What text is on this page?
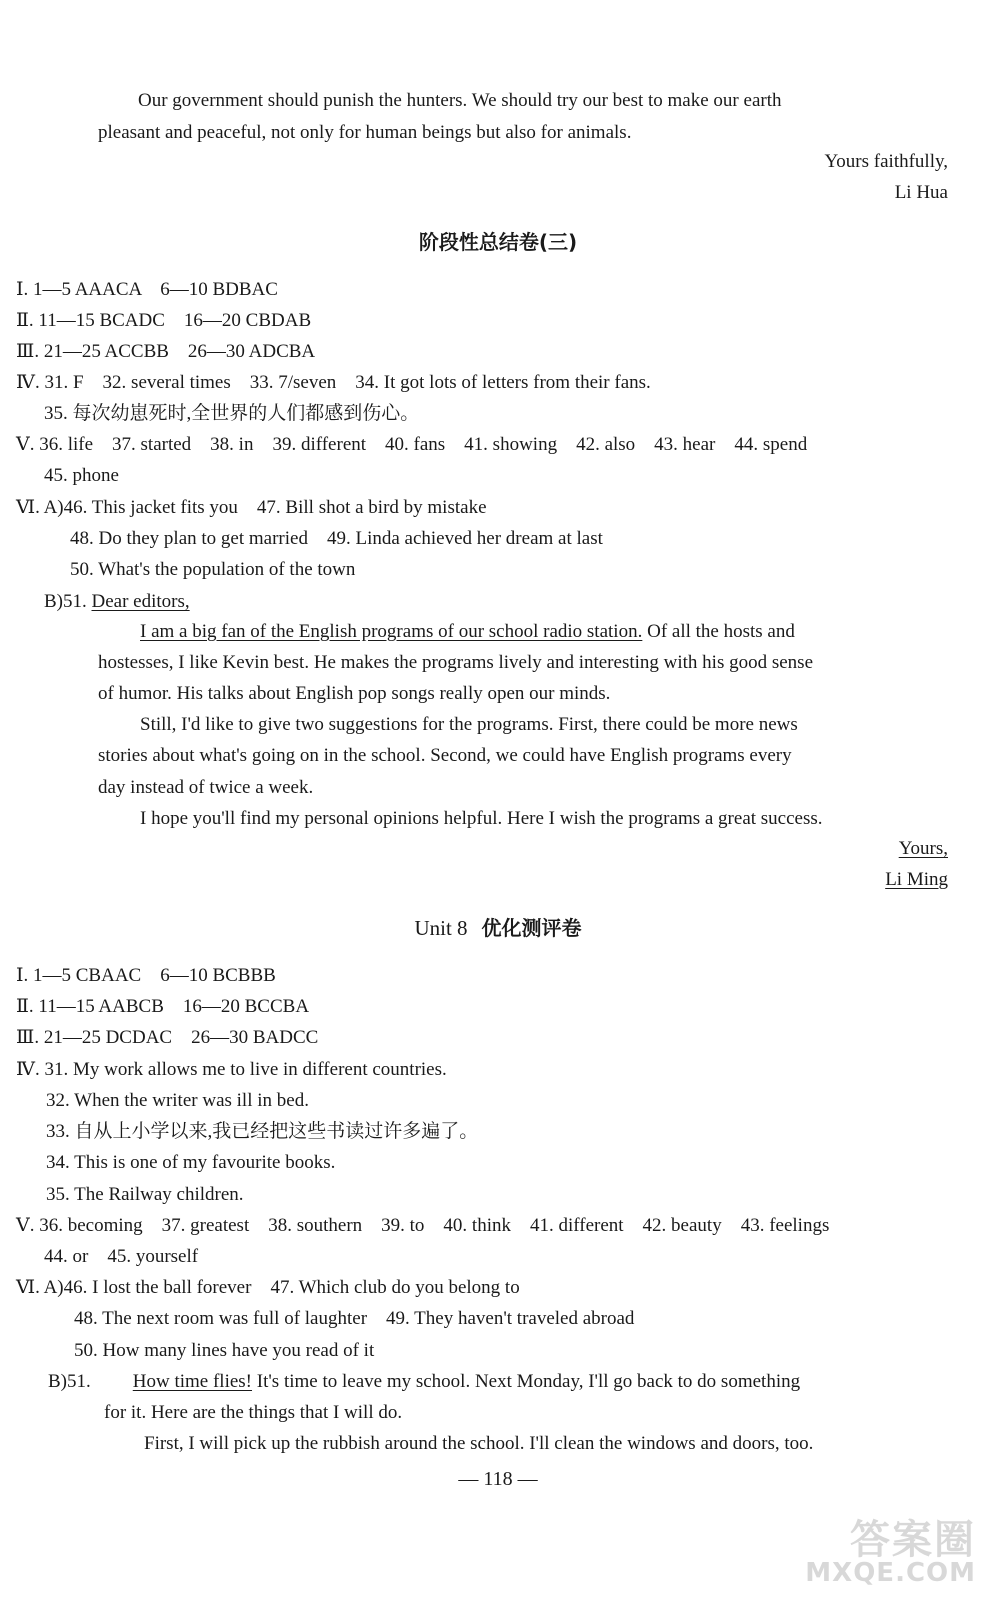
Our government should punish the hunters. We should try our best to make our earth
pleasant and peaceful, not only for human beings but also for animals.
Yours faithfully,
Li Hua
阶段性总结卷(三)
Ⅰ. 1—5 AAACA　6—10 BDBAC
Ⅱ. 11—15 BCADC　16—20 CBDAB
Ⅲ. 21—25 ACCBB　26—30 ADCBA
Ⅳ. 31. F　32. several times　33. 7/seven　34. It got lots of letters from their fans.
35. 每次幼崽死时,全世界的人们都感到伤心。
Ⅴ. 36. life　37. started　38. in　39. different　40. fans　41. showing　42. also　43. hear　44. spend
45. phone
Ⅵ. A)46. This jacket fits you　47. Bill shot a bird by mistake
48. Do they plan to get married　49. Linda achieved her dream at last
50. What's the population of the town
B)51. Dear editors,
I am a big fan of the English programs of our school radio station. Of all the hosts and
hostesses, I like Kevin best. He makes the programs lively and interesting with his good sense
of humor. His talks about English pop songs really open our minds.
Still, I'd like to give two suggestions for the programs. First, there could be more news
stories about what's going on in the school. Second, we could have English programs every
day instead of twice a week.
I hope you'll find my personal opinions helpful. Here I wish the programs a great success.
Yours,
Li Ming
Unit 8 优化测评卷
Ⅰ. 1—5 CBAAC　6—10 BCBBB
Ⅱ. 11—15 AABCB　16—20 BCCBA
Ⅲ. 21—25 DCDAC　26—30 BADCC
Ⅳ. 31. My work allows me to live in different countries.
32. When the writer was ill in bed.
33. 自从上小学以来,我已经把这些书读过许多遍了。
34. This is one of my favourite books.
35. The Railway children.
Ⅴ. 36. becoming　37. greatest　38. southern　39. to　40. think　41. different　42. beauty　43. feelings
44. or　45. yourself
Ⅵ. A)46. I lost the ball forever　47. Which club do you belong to
48. The next room was full of laughter　49. They haven't traveled abroad
50. How many lines have you read of it
B)51. How time flies! It's time to leave my school. Next Monday, I'll go back to do something
for it. Here are the things that I will do.
First, I will pick up the rubbish around the school. I'll clean the windows and doors, too.
— 118 —
答案圈
MXQE.COM
